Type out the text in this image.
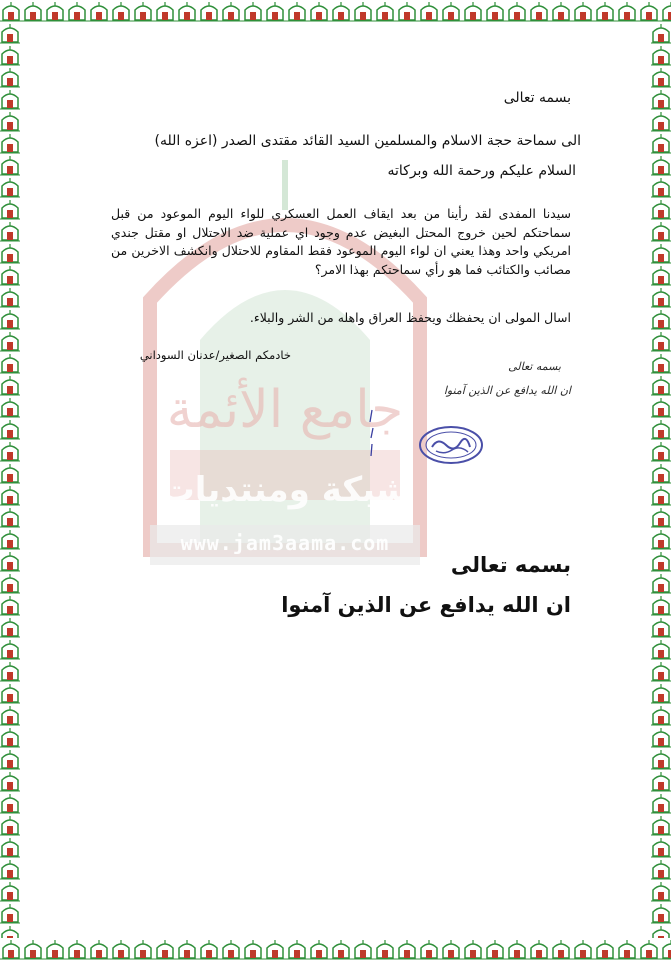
جامع الأئمة
شبكة ومنتديات
www.jam3aama.com
بسمه تعالى
الى سماحة حجة الاسلام والمسلمين السيد القائد مقتدى الصدر (اعزه الله)
السلام عليكم ورحمة الله وبركاته
سيدنا المفدى لقد رأينا من بعد ايقاف العمل العسكري للواء اليوم الموعود من قبل سماحتكم لحين خروج المحتل البغيض عدم وجود اي عملية ضد الاحتلال او مقتل جندي امريكي واحد وهذا يعني ان لواء اليوم الموعود فقط المقاوم للاحتلال وانكشف الاخرين من مصائب والكتائب فما هو رأي سماحتكم بهذا الامر؟
اسال المولى ان يحفظك ويحفظ العراق واهله من الشر والبلاء.
خادمكم الصغير/عدنان السوداني
بسمه تعالى
ان الله يدافع عن الذين آمنوا
بسمه تعالى
ان الله يدافع عن الذين آمنوا
